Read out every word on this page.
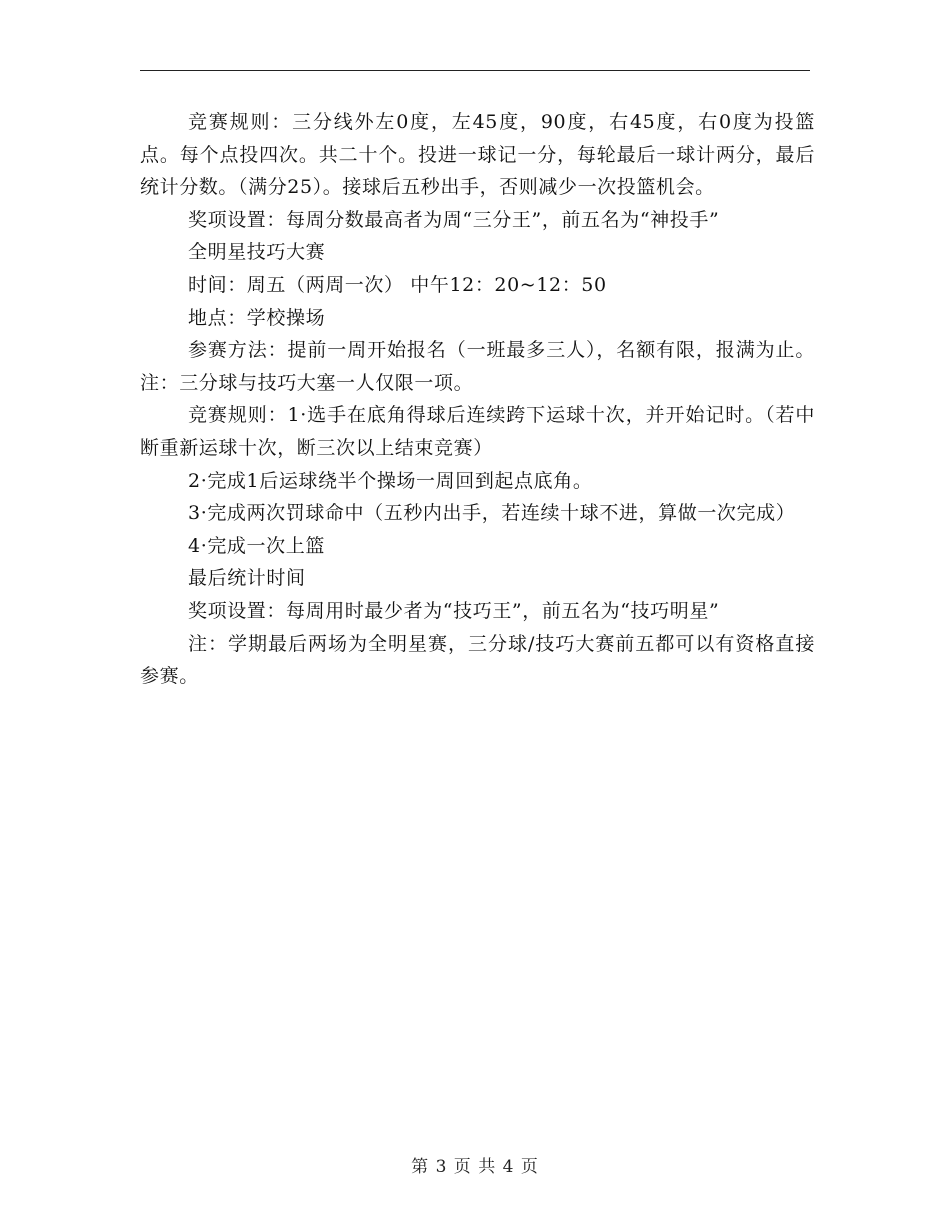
竞赛规则：三分线外左0度，左45度，90度，右45度，右0度为投篮点。每个点投四次。共二十个。投进一球记一分，每轮最后一球计两分，最后统计分数。（满分25）。接球后五秒出手，否则减少一次投篮机会。

奖项设置：每周分数最高者为周“三分王”，前五名为“神投手”

全明星技巧大赛

时间：周五（两周一次） 中午12：20~12：50

地点：学校操场

参赛方法：提前一周开始报名（一班最多三人），名额有限，报满为止。注：三分球与技巧大塞一人仅限一项。

竞赛规则：1·选手在底角得球后连续跨下运球十次，并开始记时。（若中断重新运球十次，断三次以上结束竞赛）

2·完成1后运球绕半个操场一周回到起点底角。

3·完成两次罚球命中（五秒内出手，若连续十球不进，算做一次完成）

4·完成一次上篮

最后统计时间

奖项设置：每周用时最少者为“技巧王”，前五名为“技巧明星”

注：学期最后两场为全明星赛，三分球/技巧大赛前五都可以有资格直接参赛。

第 3 页 共 4 页
